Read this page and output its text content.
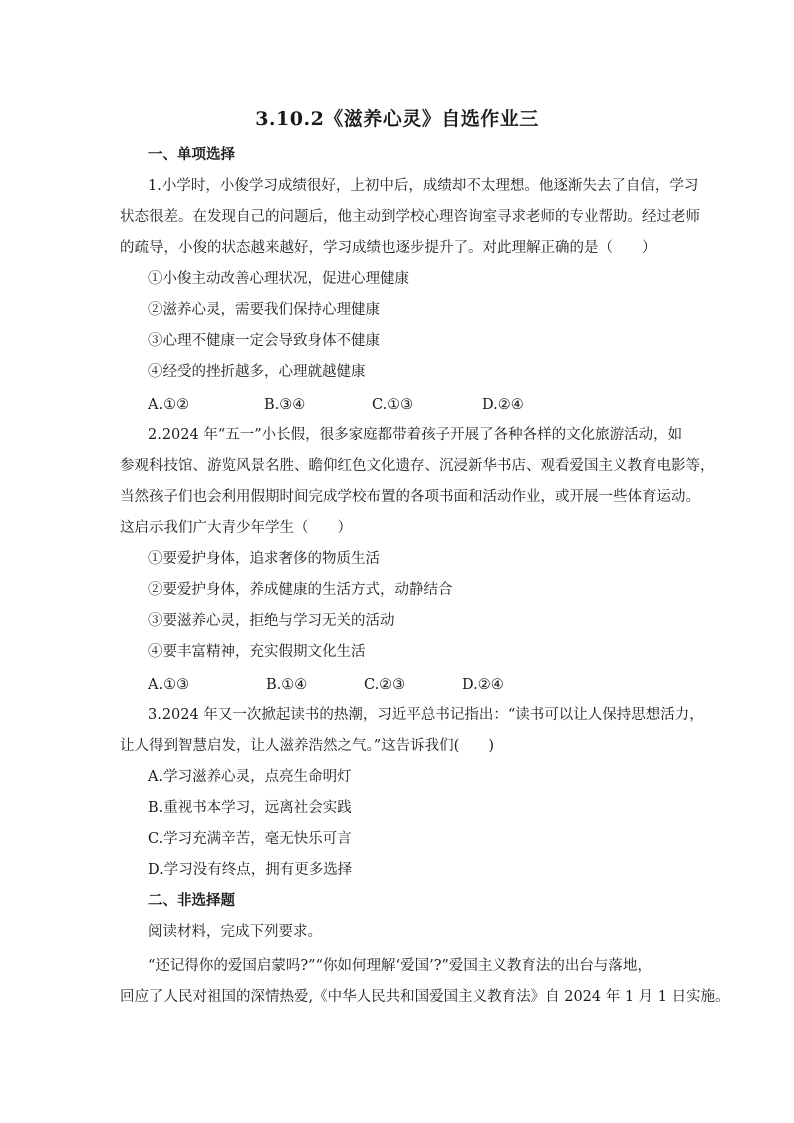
3.10.2《滋养心灵》自选作业三
一、单项选择
1.小学时，小俊学习成绩很好，上初中后，成绩却不太理想。他逐渐失去了自信，学习
状态很差。在发现自己的问题后，他主动到学校心理咨询室寻求老师的专业帮助。经过老师
的疏导，小俊的状态越来越好，学习成绩也逐步提升了。对此理解正确的是（　　）
①小俊主动改善心理状况，促进心理健康
②滋养心灵，需要我们保持心理健康
③心理不健康一定会导致身体不健康
④经受的挫折越多，心理就越健康
A.①②	B.③④	C.①③	D.②④
2.2024 年“五一”小长假，很多家庭都带着孩子开展了各种各样的文化旅游活动，如
参观科技馆、游览风景名胜、瞻仰红色文化遗存、沉浸新华书店、观看爱国主义教育电影等，
当然孩子们也会利用假期时间完成学校布置的各项书面和活动作业，或开展一些体育运动。
这启示我们广大青少年学生（　　）
①要爱护身体，追求奢侈的物质生活
②要爱护身体，养成健康的生活方式，动静结合
③要滋养心灵，拒绝与学习无关的活动
④要丰富精神，充实假期文化生活
A.①③	B.①④	C.②③	D.②④
3.2024 年又一次掀起读书的热潮，习近平总书记指出：“读书可以让人保持思想活力，
让人得到智慧启发，让人滋养浩然之气。”这告诉我们(　　)
A.学习滋养心灵，点亮生命明灯
B.重视书本学习，远离社会实践
C.学习充满辛苦，毫无快乐可言
D.学习没有终点，拥有更多选择
二、非选择题
阅读材料，完成下列要求。
“还记得你的爱国启蒙吗?”“你如何理解‘爱国’?”爱国主义教育法的出台与落地，
回应了人民对祖国的深情热爱,《中华人民共和国爱国主义教育法》自 2024 年 1 月 1 日实施。
